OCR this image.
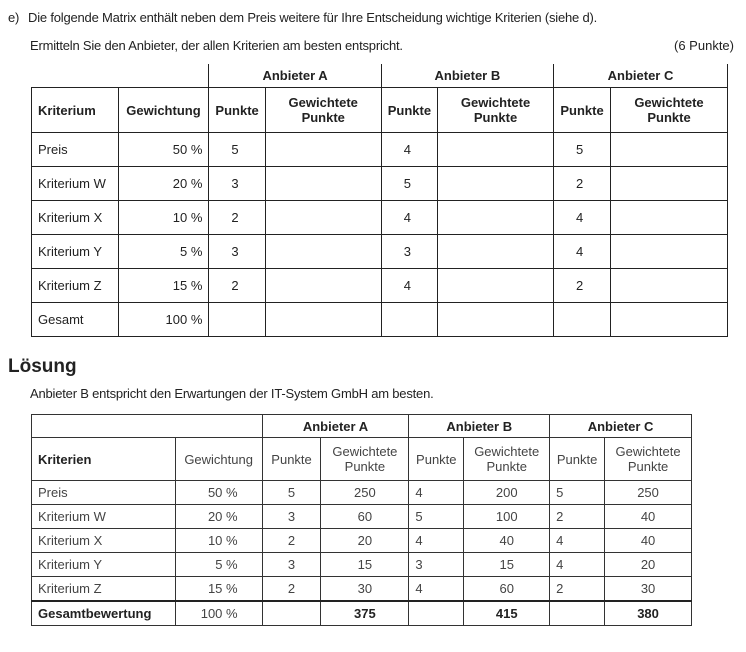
e) Die folgende Matrix enthält neben dem Preis weitere für Ihre Entscheidung wichtige Kriterien (siehe d).
Ermitteln Sie den Anbieter, der allen Kriterien am besten entspricht.	(6 Punkte)
		Anbieter A		Anbieter B		Anbieter C	
Kriterium	Gewichtung	Punkte	Gewichtete Punkte	Punkte	Gewichtete Punkte	Punkte	Gewichtete Punkte
Preis	50 %	5		4		5	
Kriterium W	20 %	3		5		2	
Kriterium X	10 %	2		4		4	
Kriterium Y	5 %	3		3		4	
Kriterium Z	15 %	2		4		2	
Gesamt	100 %						
Lösung
Anbieter B entspricht den Erwartungen der IT-System GmbH am besten.
		Anbieter A		Anbieter B		Anbieter C	
Kriterien	Gewichtung	Punkte	Gewichtete Punkte	Punkte	Gewichtete Punkte	Punkte	Gewichtete Punkte
Preis	50 %	5	250	4	200	5	250
Kriterium W	20 %	3	60	5	100	2	40
Kriterium X	10 %	2	20	4	40	4	40
Kriterium Y	5 %	3	15	3	15	4	20
Kriterium Z	15 %	2	30	4	60	2	30
Gesamtbewertung	100 %		375		415		380
